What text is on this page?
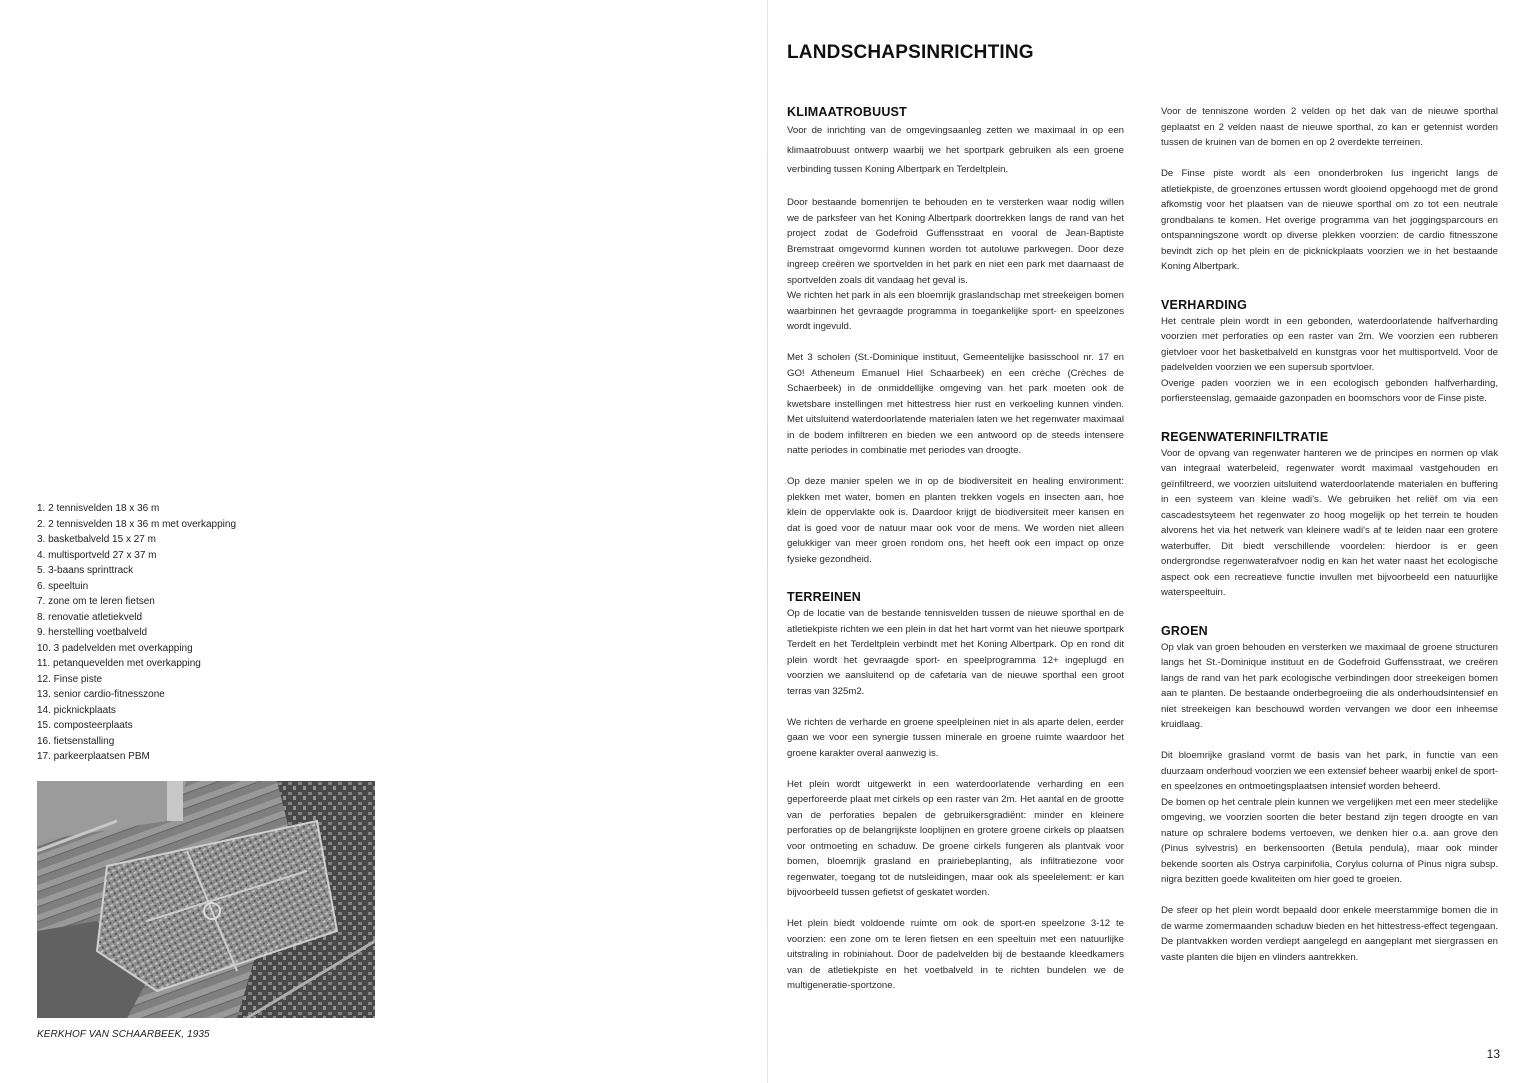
1. 2 tennisvelden 18 x 36 m
2. 2 tennisvelden 18 x 36 m met overkapping
3. basketbalveld 15 x 27 m
4. multisportveld 27 x 37 m
5. 3-baans sprinttrack
6. speeltuin
7. zone om te leren fietsen
8. renovatie atletiekveld
9. herstelling voetbalveld
10. 3 padelvelden met overkapping
11. petanquevelden met overkapping
12. Finse piste
13. senior cardio-fitnesszone
14. picknickplaats
15. composteerplaats
16. fietsenstalling
17. parkeerplaatsen PBM
KERKHOF VAN SCHAARBEEK, 1935
LANDSCHAPSINRICHTING
KLIMAATROBUUST

Voor de inrichting van de omgevingsaanleg zetten we maximaal in op een klimaatrobuust ontwerp waarbij we het sportpark gebruiken als een groene verbinding tussen Koning Albertpark en Terdeltplein.

Door bestaande bomenrijen te behouden en te versterken waar nodig willen we de parksfeer van het Koning Albertpark doortrekken langs de rand van het project zodat de Godefroid Guffensstraat en vooral de Jean-Baptiste Bremstraat omgevormd kunnen worden tot autoluwe parkwegen. Door deze ingreep creëren we sportvelden in het park en niet een park met daarnaast de sportvelden zoals dit vandaag het geval is.

We richten het park in als een bloemrijk graslandschap met streekeigen bomen waarbinnen het gevraagde programma in toegankelijke sport- en speelzones wordt ingevuld.

Met 3 scholen (St.-Dominique instituut, Gemeentelijke basisschool nr. 17 en GO! Atheneum Emanuel Hiel Schaarbeek) en een crèche (Crèches de Schaerbeek) in de onmiddellijke omgeving van het park moeten ook de kwetsbare instellingen met hittestress hier rust en verkoeling kunnen vinden. Met uitsluitend waterdoorlatende materialen laten we het regenwater maximaal in de bodem infiltreren en bieden we een antwoord op de steeds intensere natte periodes in combinatie met periodes van droogte.

Op deze manier spelen we in op de biodiversiteit en healing environment: plekken met water, bomen en planten trekken vogels en insecten aan, hoe klein de oppervlakte ook is. Daardoor krijgt de biodiversiteit meer kansen en dat is goed voor de natuur maar ook voor de mens. We worden niet alleen gelukkiger van meer groen rondom ons, het heeft ook een impact op onze fysieke gezondheid.

TERREINEN

Op de locatie van de bestande tennisvelden tussen de nieuwe sporthal en de atletiekpiste richten we een plein in dat het hart vormt van het nieuwe sportpark Terdelt en het Terdeltplein verbindt met het Koning Albertpark. Op en rond dit plein wordt het gevraagde sport- en speelprogramma 12+ ingeplugd en voorzien we aansluitend op de cafetaria van de nieuwe sporthal een groot terras van 325m2.

We richten de verharde en groene speelpleinen niet in als aparte delen, eerder gaan we voor een synergie tussen minerale en groene ruimte waardoor het groene karakter overal aanwezig is.

Het plein wordt uitgewerkt in een waterdoorlatende verharding en een geperforeerde plaat met cirkels op een raster van 2m. Het aantal en de grootte van de perforaties bepalen de gebruikersgradiënt: minder en kleinere perforaties op de belangrijkste looplijnen en grotere groene cirkels op plaatsen voor ontmoeting en schaduw. De groene cirkels fungeren als plantvak voor bomen, bloemrijk grasland en prairiebeplanting, als infiltratiezone voor regenwater, toegang tot de nutsleidingen, maar ook als speelelement: er kan bijvoorbeeld tussen gefietst of geskatet worden.

Het plein biedt voldoende ruimte om ook de sport-en speelzone 3-12 te voorzien: een zone om te leren fietsen en een speeltuin met een natuurlijke uitstraling in robiniahout. Door de padelvelden bij de bestaande kleedkamers van de atletiekpiste en het voetbalveld in te richten bundelen we de multigeneratie-sportzone.

Voor de tenniszone worden 2 velden op het dak van de nieuwe sporthal geplaatst en 2 velden naast de nieuwe sporthal, zo kan er getennist worden tussen de kruinen van de bomen en op 2 overdekte terreinen.

De Finse piste wordt als een ononderbroken lus ingericht langs de atletiekpiste, de groenzones ertussen wordt glooiend opgehoogd met de grond afkomstig voor het plaatsen van de nieuwe sporthal om zo tot een neutrale grondbalans te komen. Het overige programma van het joggingsparcours en ontspanningszone wordt op diverse plekken voorzien: de cardio fitnesszone bevindt zich op het plein en de picknickplaats voorzien we in het bestaande Koning Albertpark.

VERHARDING

Het centrale plein wordt in een gebonden, waterdoorlatende halfverharding voorzien met perforaties op een raster van 2m. We voorzien een rubberen gietvloer voor het basketbalveld en kunstgras voor het multisportveld. Voor de padelvelden voorzien we een supersub sportvloer.

Overige paden voorzien we in een ecologisch gebonden halfverharding, porfiersteenslag, gemaaide gazonpaden en boomschors voor de Finse piste.

REGENWATERINFILTRATIE

Voor de opvang van regenwater hanteren we de principes en normen op vlak van integraal waterbeleid, regenwater wordt maximaal vastgehouden en geïnfiltreerd, we voorzien uitsluitend waterdoorlatende materialen en buffering in een systeem van kleine wadi's. We gebruiken het reliëf om via een cascadestsyteem het regenwater zo hoog mogelijk op het terrein te houden alvorens het via het netwerk van kleinere wadi's af te leiden naar een grotere waterbuffer. Dit biedt verschillende voordelen: hierdoor is er geen ondergrondse regenwaterafvoer nodig en kan het water naast het ecologische aspect ook een recreatieve functie invullen met bijvoorbeeld een natuurlijke waterspeeltuin.

GROEN

Op vlak van groen behouden en versterken we maximaal de groene structuren langs het St.-Dominique instituut en de Godefroid Guffensstraat, we creëren langs de rand van het park ecologische verbindingen door streekeigen bomen aan te planten. De bestaande onderbegroeiing die als onderhoudsintensief en niet streekeigen kan beschouwd worden vervangen we door een inheemse kruidlaag.

Dit bloemrijke grasland vormt de basis van het park, in functie van een duurzaam onderhoud voorzien we een extensief beheer waarbij enkel de sport- en speelzones en ontmoetingsplaatsen intensief worden beheerd.

De bomen op het centrale plein kunnen we vergelijken met een meer stedelijke omgeving, we voorzien soorten die beter bestand zijn tegen droogte en van nature op schralere bodems vertoeven, we denken hier o.a. aan grove den (Pinus sylvestris) en berkensoorten (Betula pendula), maar ook minder bekende soorten als Ostrya carpinifolia, Corylus colurna of Pinus nigra subsp. nigra bezitten goede kwaliteiten om hier goed te groeien.

De sfeer op het plein wordt bepaald door enkele meerstammige bomen die in de warme zomermaanden schaduw bieden en het hittestress-effect tegengaan. De plantvakken worden verdiept aangelegd en aangeplant met siergrassen en vaste planten die bijen en vlinders aantrekken.

13
